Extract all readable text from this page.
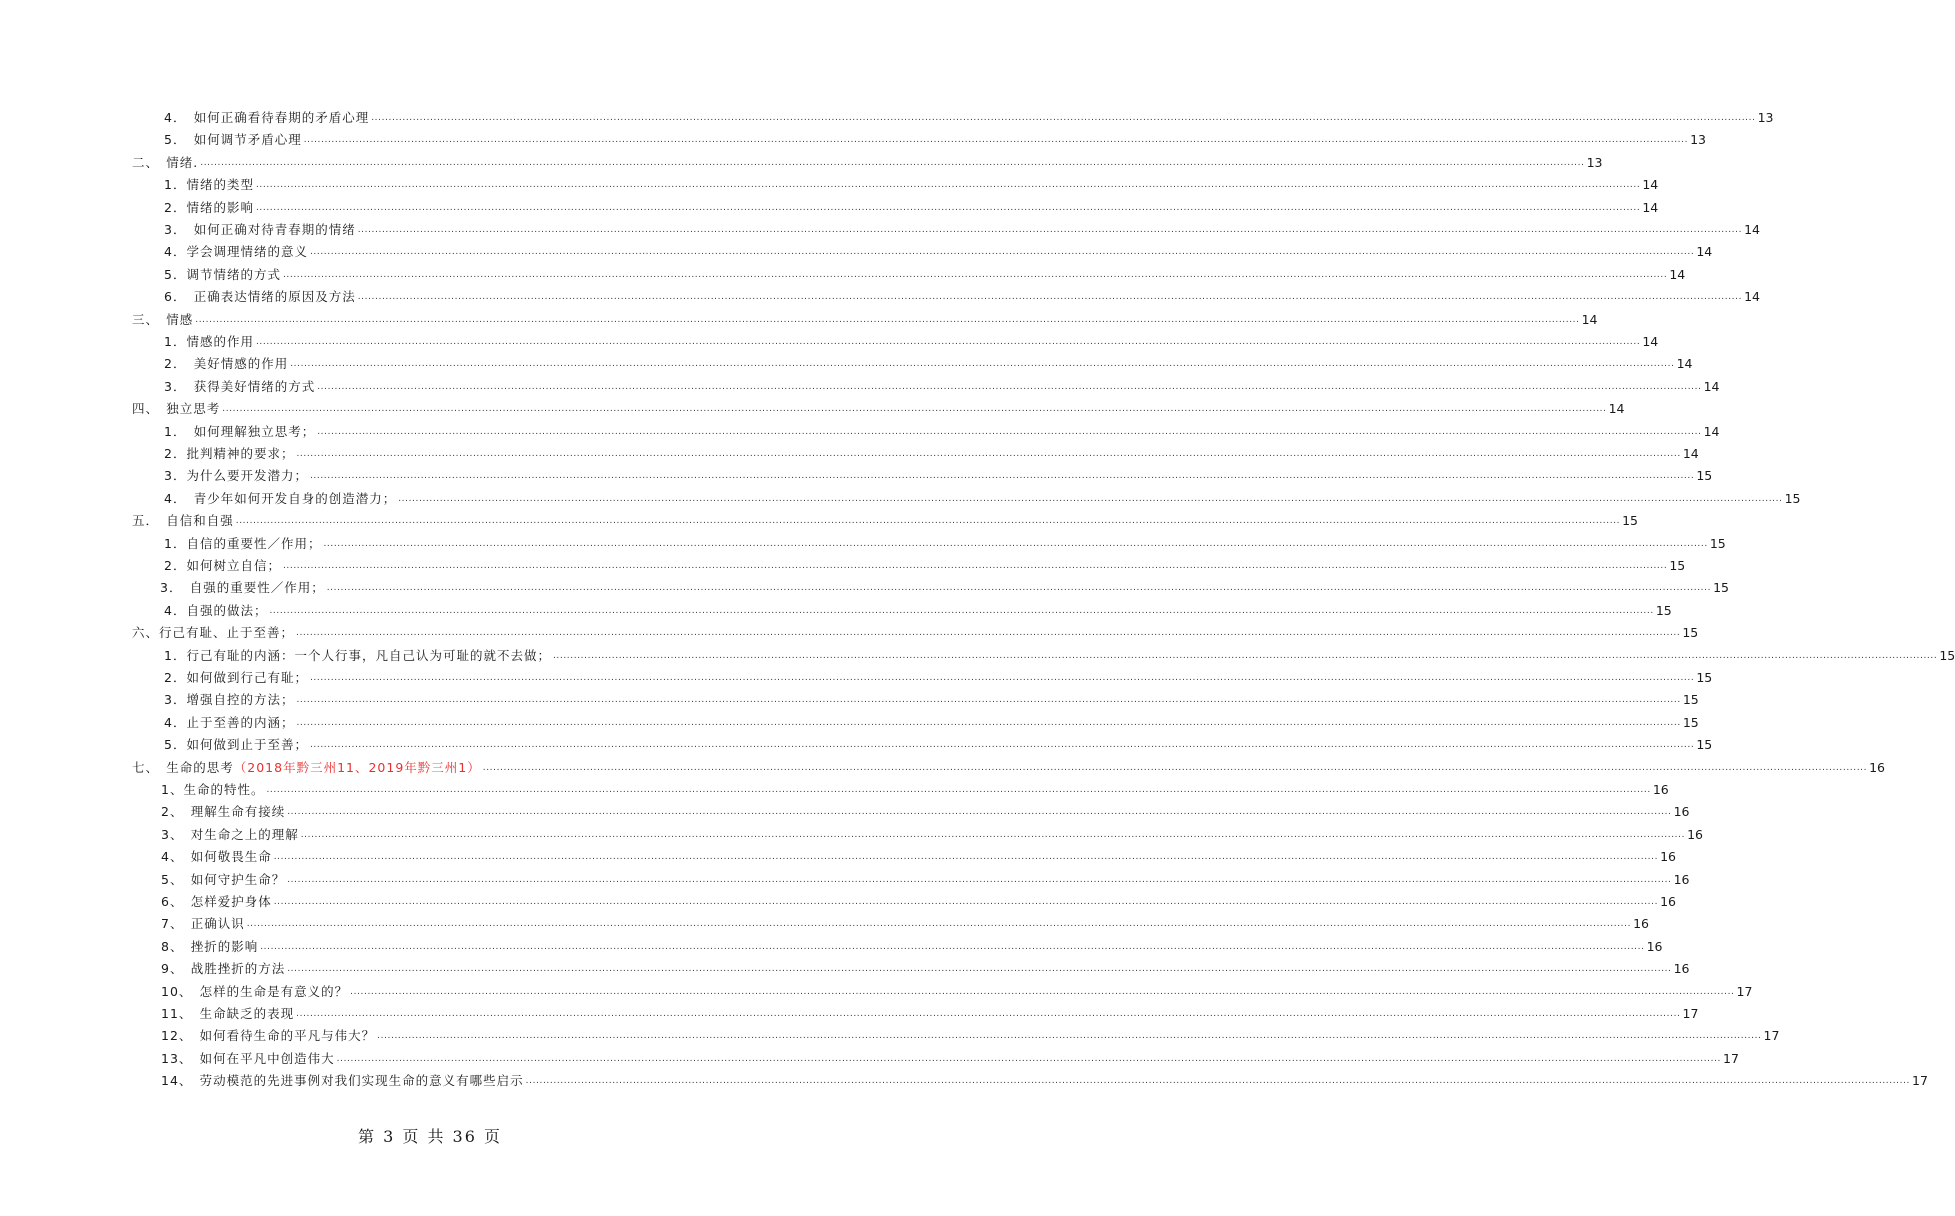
4．　如何正确看待春期的矛盾心理 ................................................................................................................................................................................................................................................................................................................................................................................................................ 13
5．　如何调节矛盾心理 ................................................................................................................................................................................................................................................................................................................................................................................................................ 13
二、　情绪. ................................................................................................................................................................................................................................................................................................................................................................................................................ 13
1．情绪的类型 ................................................................................................................................................................................................................................................................................................................................................................................................................ 14
2．情绪的影响 ................................................................................................................................................................................................................................................................................................................................................................................................................ 14
3．　如何正确对待青春期的情绪 ................................................................................................................................................................................................................................................................................................................................................................................................................ 14
4．学会调理情绪的意义 ................................................................................................................................................................................................................................................................................................................................................................................................................ 14
5．调节情绪的方式 ................................................................................................................................................................................................................................................................................................................................................................................................................ 14
6．　正确表达情绪的原因及方法 ................................................................................................................................................................................................................................................................................................................................................................................................................ 14
三、　情感 ................................................................................................................................................................................................................................................................................................................................................................................................................ 14
1．情感的作用 ................................................................................................................................................................................................................................................................................................................................................................................................................ 14
2．　美好情感的作用 ................................................................................................................................................................................................................................................................................................................................................................................................................ 14
3．　获得美好情绪的方式 ................................................................................................................................................................................................................................................................................................................................................................................................................ 14
四、　独立思考 ................................................................................................................................................................................................................................................................................................................................................................................................................ 14
1．　如何理解独立思考； ................................................................................................................................................................................................................................................................................................................................................................................................................ 14
2．批判精神的要求； ................................................................................................................................................................................................................................................................................................................................................................................................................ 14
3．为什么要开发潜力； ................................................................................................................................................................................................................................................................................................................................................................................................................ 15
4．　青少年如何开发自身的创造潜力； ................................................................................................................................................................................................................................................................................................................................................................................................................ 15
五．　自信和自强 ................................................................................................................................................................................................................................................................................................................................................................................................................ 15
1．自信的重要性／作用； ................................................................................................................................................................................................................................................................................................................................................................................................................ 15
2．如何树立自信； ................................................................................................................................................................................................................................................................................................................................................................................................................ 15
3．　自强的重要性／作用； ................................................................................................................................................................................................................................................................................................................................................................................................................ 15
4．自强的做法； ................................................................................................................................................................................................................................................................................................................................................................................................................ 15
六、行己有耻、止于至善； ................................................................................................................................................................................................................................................................................................................................................................................................................ 15
1．行己有耻的内涵：一个人行事，凡自己认为可耻的就不去做； ................................................................................................................................................................................................................................................................................................................................................................................................................ 15
2．如何做到行己有耻； ................................................................................................................................................................................................................................................................................................................................................................................................................ 15
3．增强自控的方法； ................................................................................................................................................................................................................................................................................................................................................................................................................ 15
4．止于至善的内涵； ................................................................................................................................................................................................................................................................................................................................................................................................................ 15
5．如何做到止于至善； ................................................................................................................................................................................................................................................................................................................................................................................................................ 15
七、　生命的思考（2018年黔三州11、2019年黔三州1） ................................................................................................................................................................................................................................................................................................................................................................................................................ 16
1、生命的特性。 ................................................................................................................................................................................................................................................................................................................................................................................................................ 16
2、　理解生命有接续 ................................................................................................................................................................................................................................................................................................................................................................................................................ 16
3、　对生命之上的理解 ................................................................................................................................................................................................................................................................................................................................................................................................................ 16
4、　如何敬畏生命 ................................................................................................................................................................................................................................................................................................................................................................................................................ 16
5、　如何守护生命？ ................................................................................................................................................................................................................................................................................................................................................................................................................ 16
6、　怎样爱护身体 ................................................................................................................................................................................................................................................................................................................................................................................................................ 16
7、　正确认识 ................................................................................................................................................................................................................................................................................................................................................................................................................ 16
8、　挫折的影响 ................................................................................................................................................................................................................................................................................................................................................................................................................ 16
9、　战胜挫折的方法 ................................................................................................................................................................................................................................................................................................................................................................................................................ 16
10、　怎样的生命是有意义的？ ................................................................................................................................................................................................................................................................................................................................................................................................................ 17
11、　生命缺乏的表现 ................................................................................................................................................................................................................................................................................................................................................................................................................ 17
12、　如何看待生命的平凡与伟大？ ................................................................................................................................................................................................................................................................................................................................................................................................................ 17
13、　如何在平凡中创造伟大 ................................................................................................................................................................................................................................................................................................................................................................................................................ 17
14、　劳动模范的先进事例对我们实现生命的意义有哪些启示 ................................................................................................................................................................................................................................................................................................................................................................................................................ 17
第 3 页 共 36 页
